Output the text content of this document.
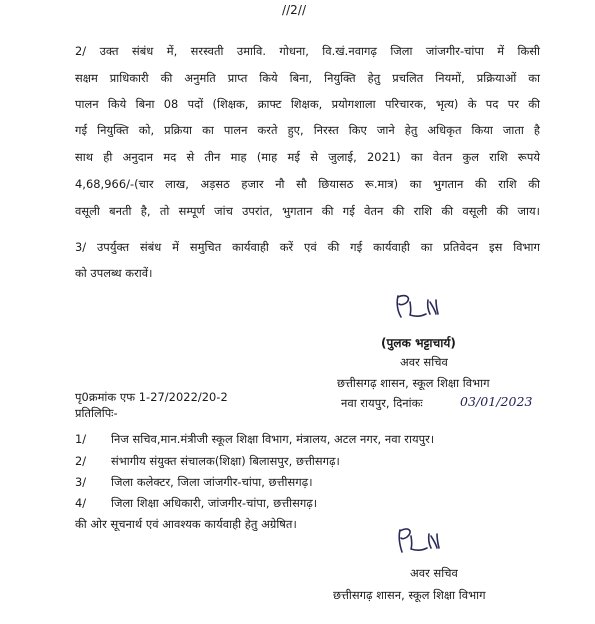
//2//
2/ उक्त संबंध में, सरस्वती उमावि. गोधना, वि.खं.नवागढ़ जिला जांजगीर-चांपा में किसी
सक्षम प्राधिकारी की अनुमति प्राप्त किये बिना, नियुक्ति हेतु प्रचलित नियमों, प्रक्रियाओं का
पालन किये बिना 08 पदों (शिक्षक, क्राफ्ट शिक्षक, प्रयोगशाला परिचारक, भृत्य) के पद पर की
गई नियुक्ति को, प्रक्रिया का पालन करते हुए, निरस्त किए जाने हेतु अधिकृत किया जाता है
साथ ही अनुदान मद से तीन माह (माह मई से जुलाई, 2021) का वेतन कुल राशि रूपये
4,68,966/-(चार लाख, अड़सठ हजार नौ सौ छियासठ रू.मात्र) का भुगतान की राशि की
वसूली बनती है, तो सम्पूर्ण जांच उपरांत, भुगतान की गई वेतन की राशि की वसूली की जाय।
3/ उपर्युक्त संबंध में समुचित कार्यवाही करें एवं की गई कार्यवाही का प्रतिवेदन इस विभाग
को उपलब्ध करावें।
(पुलक भट्टाचार्य)
अवर सचिव
छत्तीसगढ़ शासन, स्कूल शिक्षा विभाग
नवा रायपुर, दिनांकः	03/01/2023
पृ0क्रमांक एफ 1-27/2022/20-2
प्रतिलिपिः-
1/ निज सचिव,मान.मंत्रीजी स्कूल शिक्षा विभाग, मंत्रालय, अटल नगर, नवा रायपुर।
2/ संभागीय संयुक्त संचालक(शिक्षा) बिलासपुर, छत्तीसगढ़।
3/ जिला कलेक्टर, जिला जांजगीर-चांपा, छत्तीसगढ़।
4/ जिला शिक्षा अधिकारी, जांजगीर-चांपा, छत्तीसगढ़।
की ओर सूचनार्थ एवं आवश्यक कार्यवाही हेतु अग्रेषित।
अवर सचिव
छत्तीसगढ़ शासन, स्कूल शिक्षा विभाग
